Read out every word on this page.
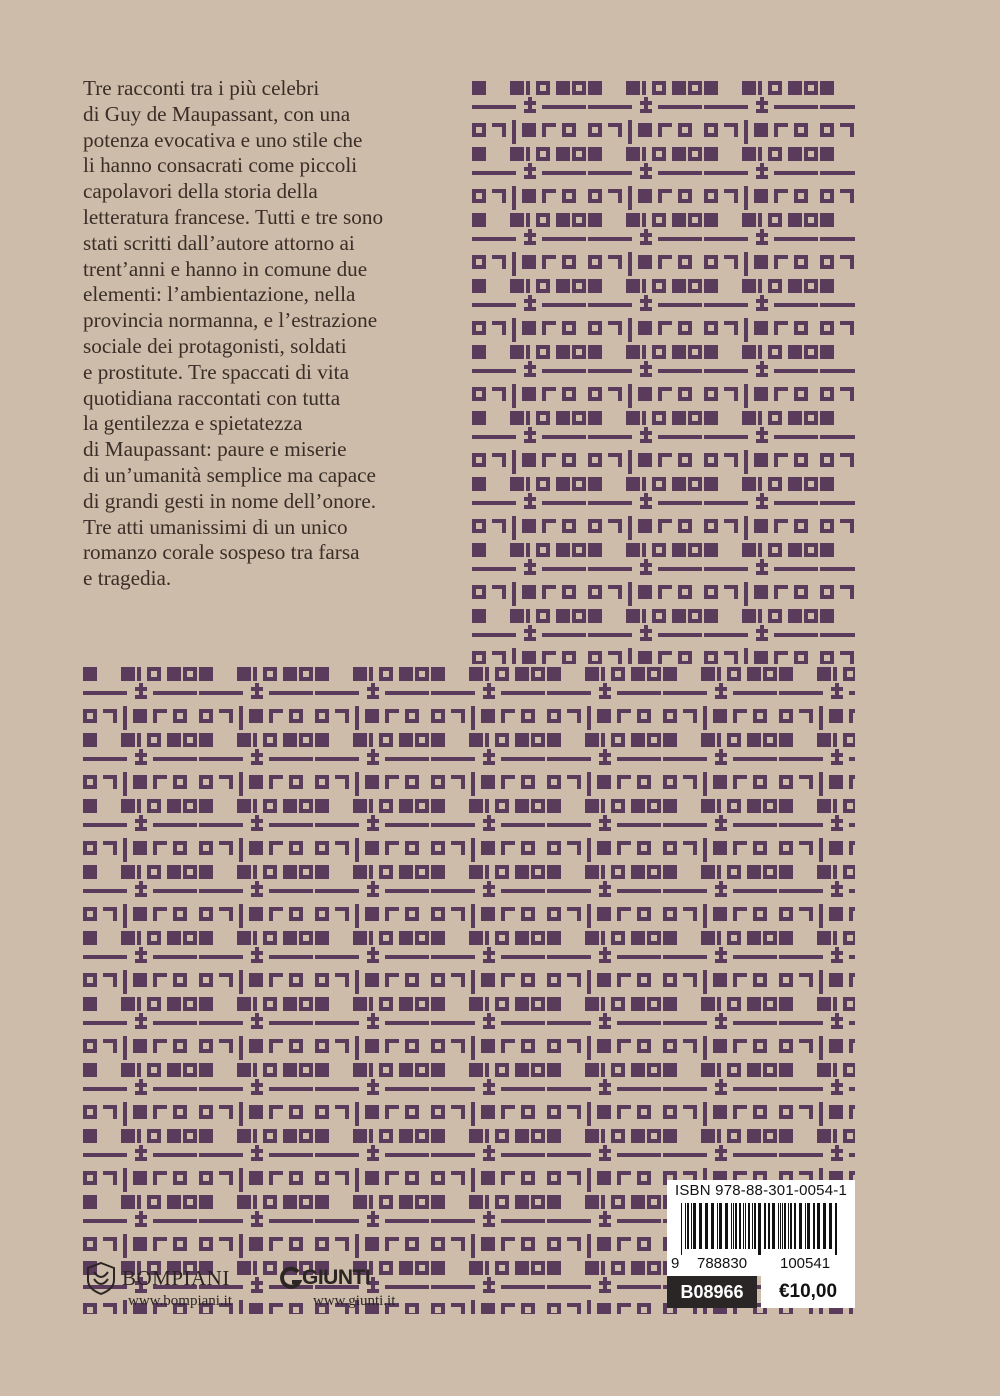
Tre racconti tra i più celebri
di Guy de Maupassant, con una
potenza evocativa e uno stile che
li hanno consacrati come piccoli
capolavori della storia della
letteratura francese. Tutti e tre sono
stati scritti dall’autore attorno ai
trent’anni e hanno in comune due
elementi: l’ambientazione, nella
provincia normanna, e l’estrazione
sociale dei protagonisti, soldati
e prostitute. Tre spaccati di vita
quotidiana raccontati con tutta
la gentilezza e spietatezza
di Maupassant: paure e miserie
di un’umanità semplice ma capace
di grandi gesti in nome dell’onore.
Tre atti umanissimi di un unico
romanzo corale sospeso tra farsa
e tragedia.
ISBN 978-88-301-0054-1
9 788830 100541
B08966	€10,00
BOMPIANI
www.bompiani.it
GIUNTI
www.giunti.it
